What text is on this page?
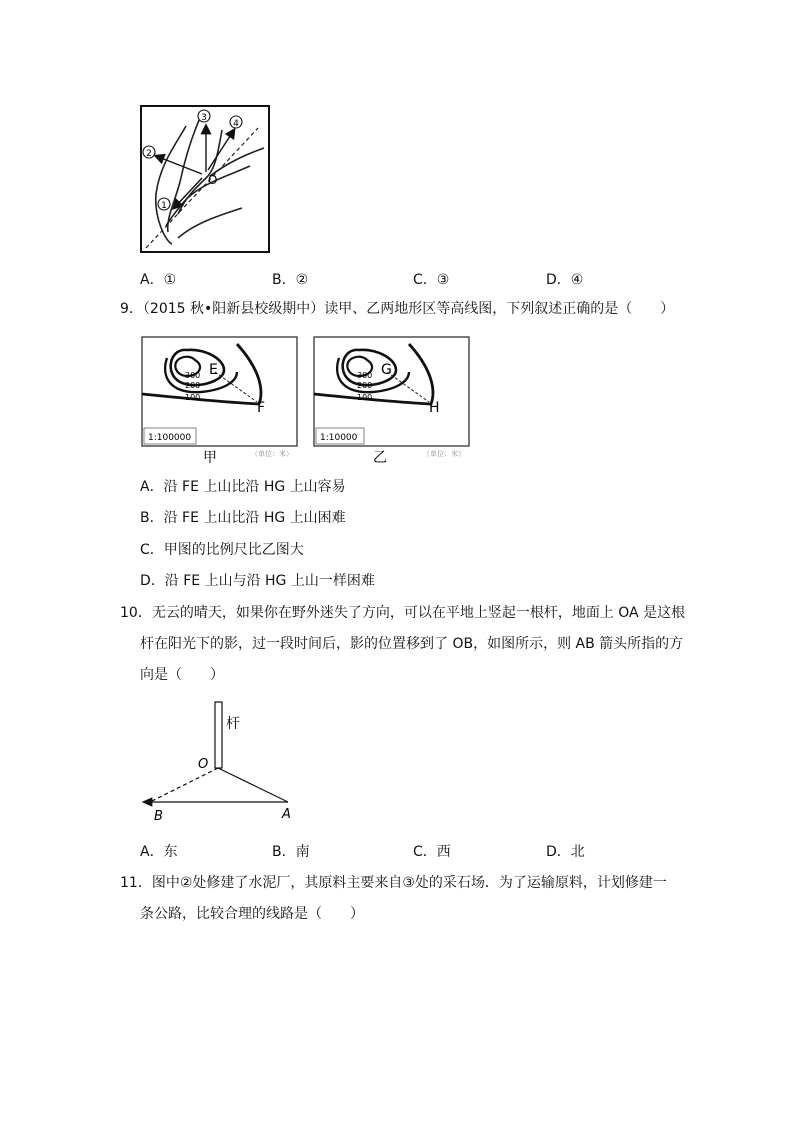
1
2
3
4
O
A．①	B．②	C．③	D．④
9．（2015 秋•阳新县校级期中）读甲、乙两地形区等高线图，下列叙述正确的是（　　）
300
200
100
E
F
1:100000
（单位：米）
甲
300
200
100
G
H
1:10000
（单位：米）
乙
A．沿 FE 上山比沿 HG 上山容易
B．沿 FE 上山比沿 HG 上山困难
C．甲图的比例尺比乙图大
D．沿 FE 上山与沿 HG 上山一样困难
10．无云的晴天，如果你在野外迷失了方向，可以在平地上竖起一根杆，地面上 OA 是这根
杆在阳光下的影，过一段时间后，影的位置移到了 OB，如图所示，则 AB 箭头所指的方
向是（　　）
杆
O
B	A
A．东	B．南	C．西	D．北
11．图中②处修建了水泥厂，其原料主要来自③处的采石场．为了运输原料，计划修建一
条公路，比较合理的线路是（　　）
